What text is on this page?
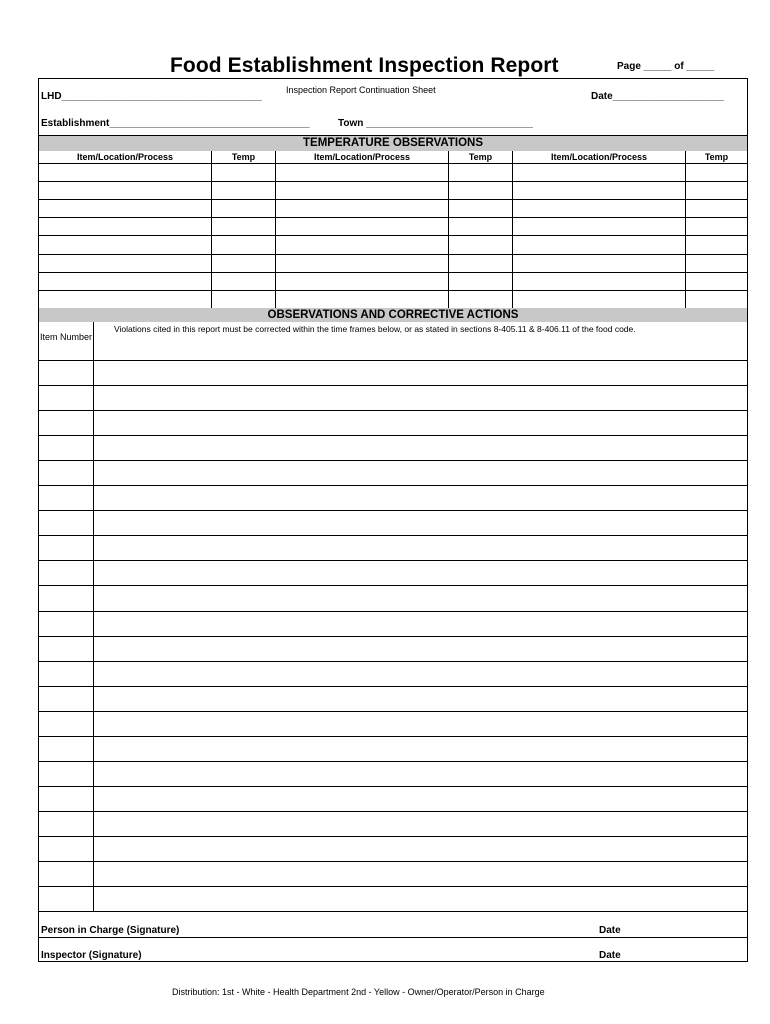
Food Establishment Inspection Report	Page _____ of _____
Inspection Report Continuation Sheet
LHD____________________________________	Date____________________
Establishment____________________________________	Town ______________________________
TEMPERATURE OBSERVATIONS
Item/Location/Process	Temp	Item/Location/Process	Temp	Item/Location/Process	Temp
OBSERVATIONS AND CORRECTIVE ACTIONS
Violations cited in this report must be corrected within the time frames below, or as stated in sections 8-405.11 & 8-406.11 of the food code.
Item Number
Person in Charge (Signature)	Date
Inspector (Signature)	Date
Distribution: 1st - White - Health Department 2nd - Yellow - Owner/Operator/Person in Charge
